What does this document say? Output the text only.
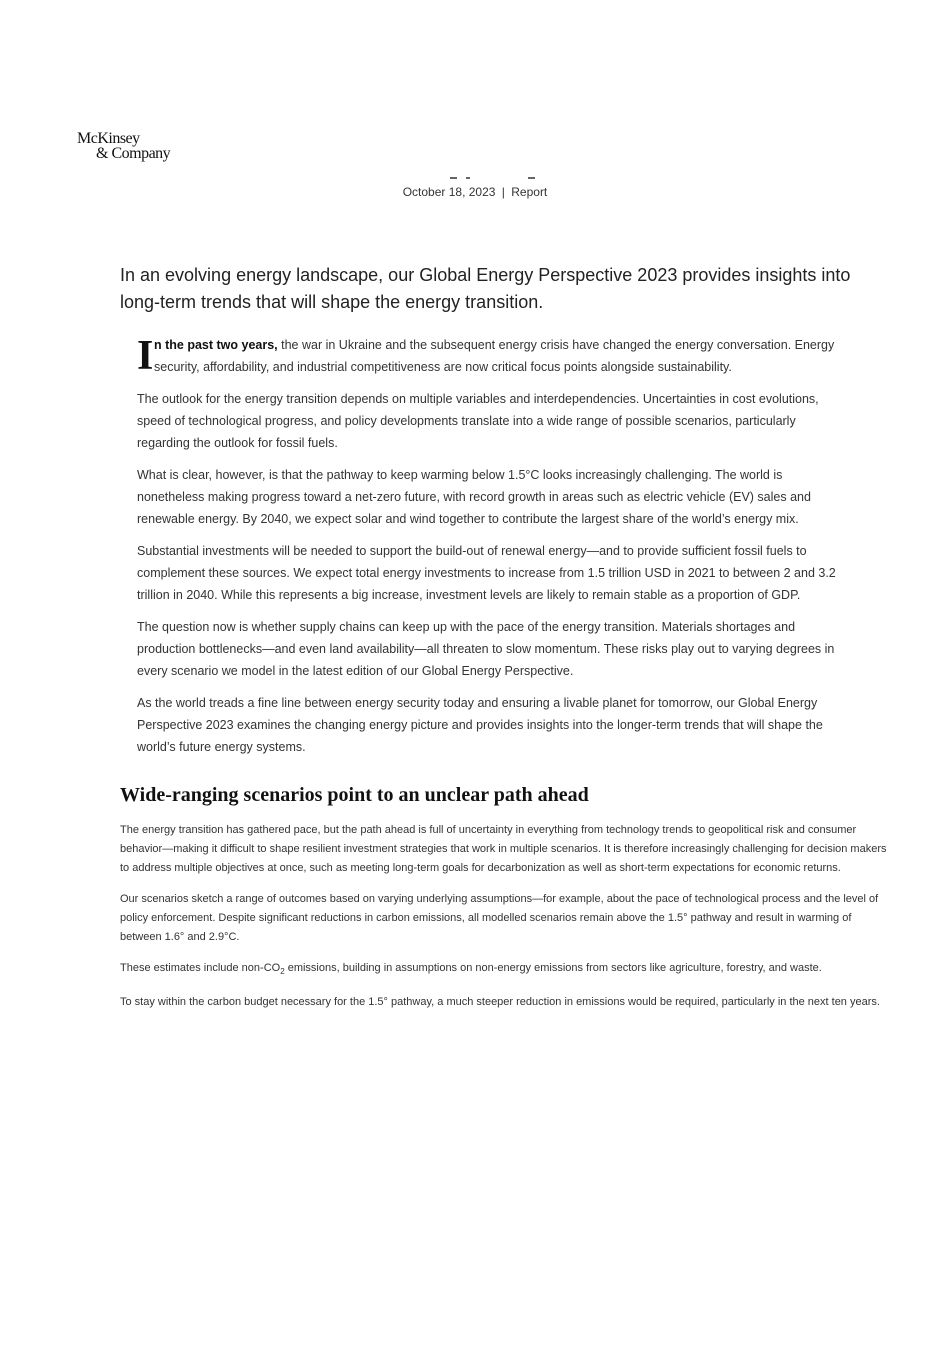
McKinsey
& Company
October 18, 2023 | Report
In an evolving energy landscape, our Global Energy Perspective 2023 provides insights into long-term trends that will shape the energy transition.

I n the past two years, the war in Ukraine and the subsequent energy crisis have changed the energy conversation. Energy security, affordability, and industrial competitiveness are now critical focus points alongside sustainability.

The outlook for the energy transition depends on multiple variables and interdependencies. Uncertainties in cost evolutions, speed of technological progress, and policy developments translate into a wide range of possible scenarios, particularly regarding the outlook for fossil fuels.

What is clear, however, is that the pathway to keep warming below 1.5°C looks increasingly challenging. The world is nonetheless making progress toward a net-zero future, with record growth in areas such as electric vehicle (EV) sales and renewable energy. By 2040, we expect solar and wind together to contribute the largest share of the world’s energy mix.

Substantial investments will be needed to support the build-out of renewal energy—and to provide sufficient fossil fuels to complement these sources. We expect total energy investments to increase from 1.5 trillion USD in 2021 to between 2 and 3.2 trillion in 2040. While this represents a big increase, investment levels are likely to remain stable as a proportion of GDP.

The question now is whether supply chains can keep up with the pace of the energy transition. Materials shortages and production bottlenecks—and even land availability—all threaten to slow momentum. These risks play out to varying degrees in every scenario we model in the latest edition of our Global Energy Perspective.

As the world treads a fine line between energy security today and ensuring a livable planet for tomorrow, our Global Energy Perspective 2023 examines the changing energy picture and provides insights into the longer-term trends that will shape the world’s future energy systems.

Wide-ranging scenarios point to an unclear path ahead

The energy transition has gathered pace, but the path ahead is full of uncertainty in everything from technology trends to geopolitical risk and consumer behavior—making it difficult to shape resilient investment strategies that work in multiple scenarios. It is therefore increasingly challenging for decision makers to address multiple objectives at once, such as meeting long-term goals for decarbonization as well as short-term expectations for economic returns.

Our scenarios sketch a range of outcomes based on varying underlying assumptions—for example, about the pace of technological process and the level of policy enforcement. Despite significant reductions in carbon emissions, all modelled scenarios remain above the 1.5° pathway and result in warming of between 1.6° and 2.9°C.

These estimates include non-$CO_2$ emissions, building in assumptions on non-energy emissions from sectors like agriculture, forestry, and waste.

To stay within the carbon budget necessary for the 1.5° pathway, a much steeper reduction in emissions would be required, particularly in the next ten years.
